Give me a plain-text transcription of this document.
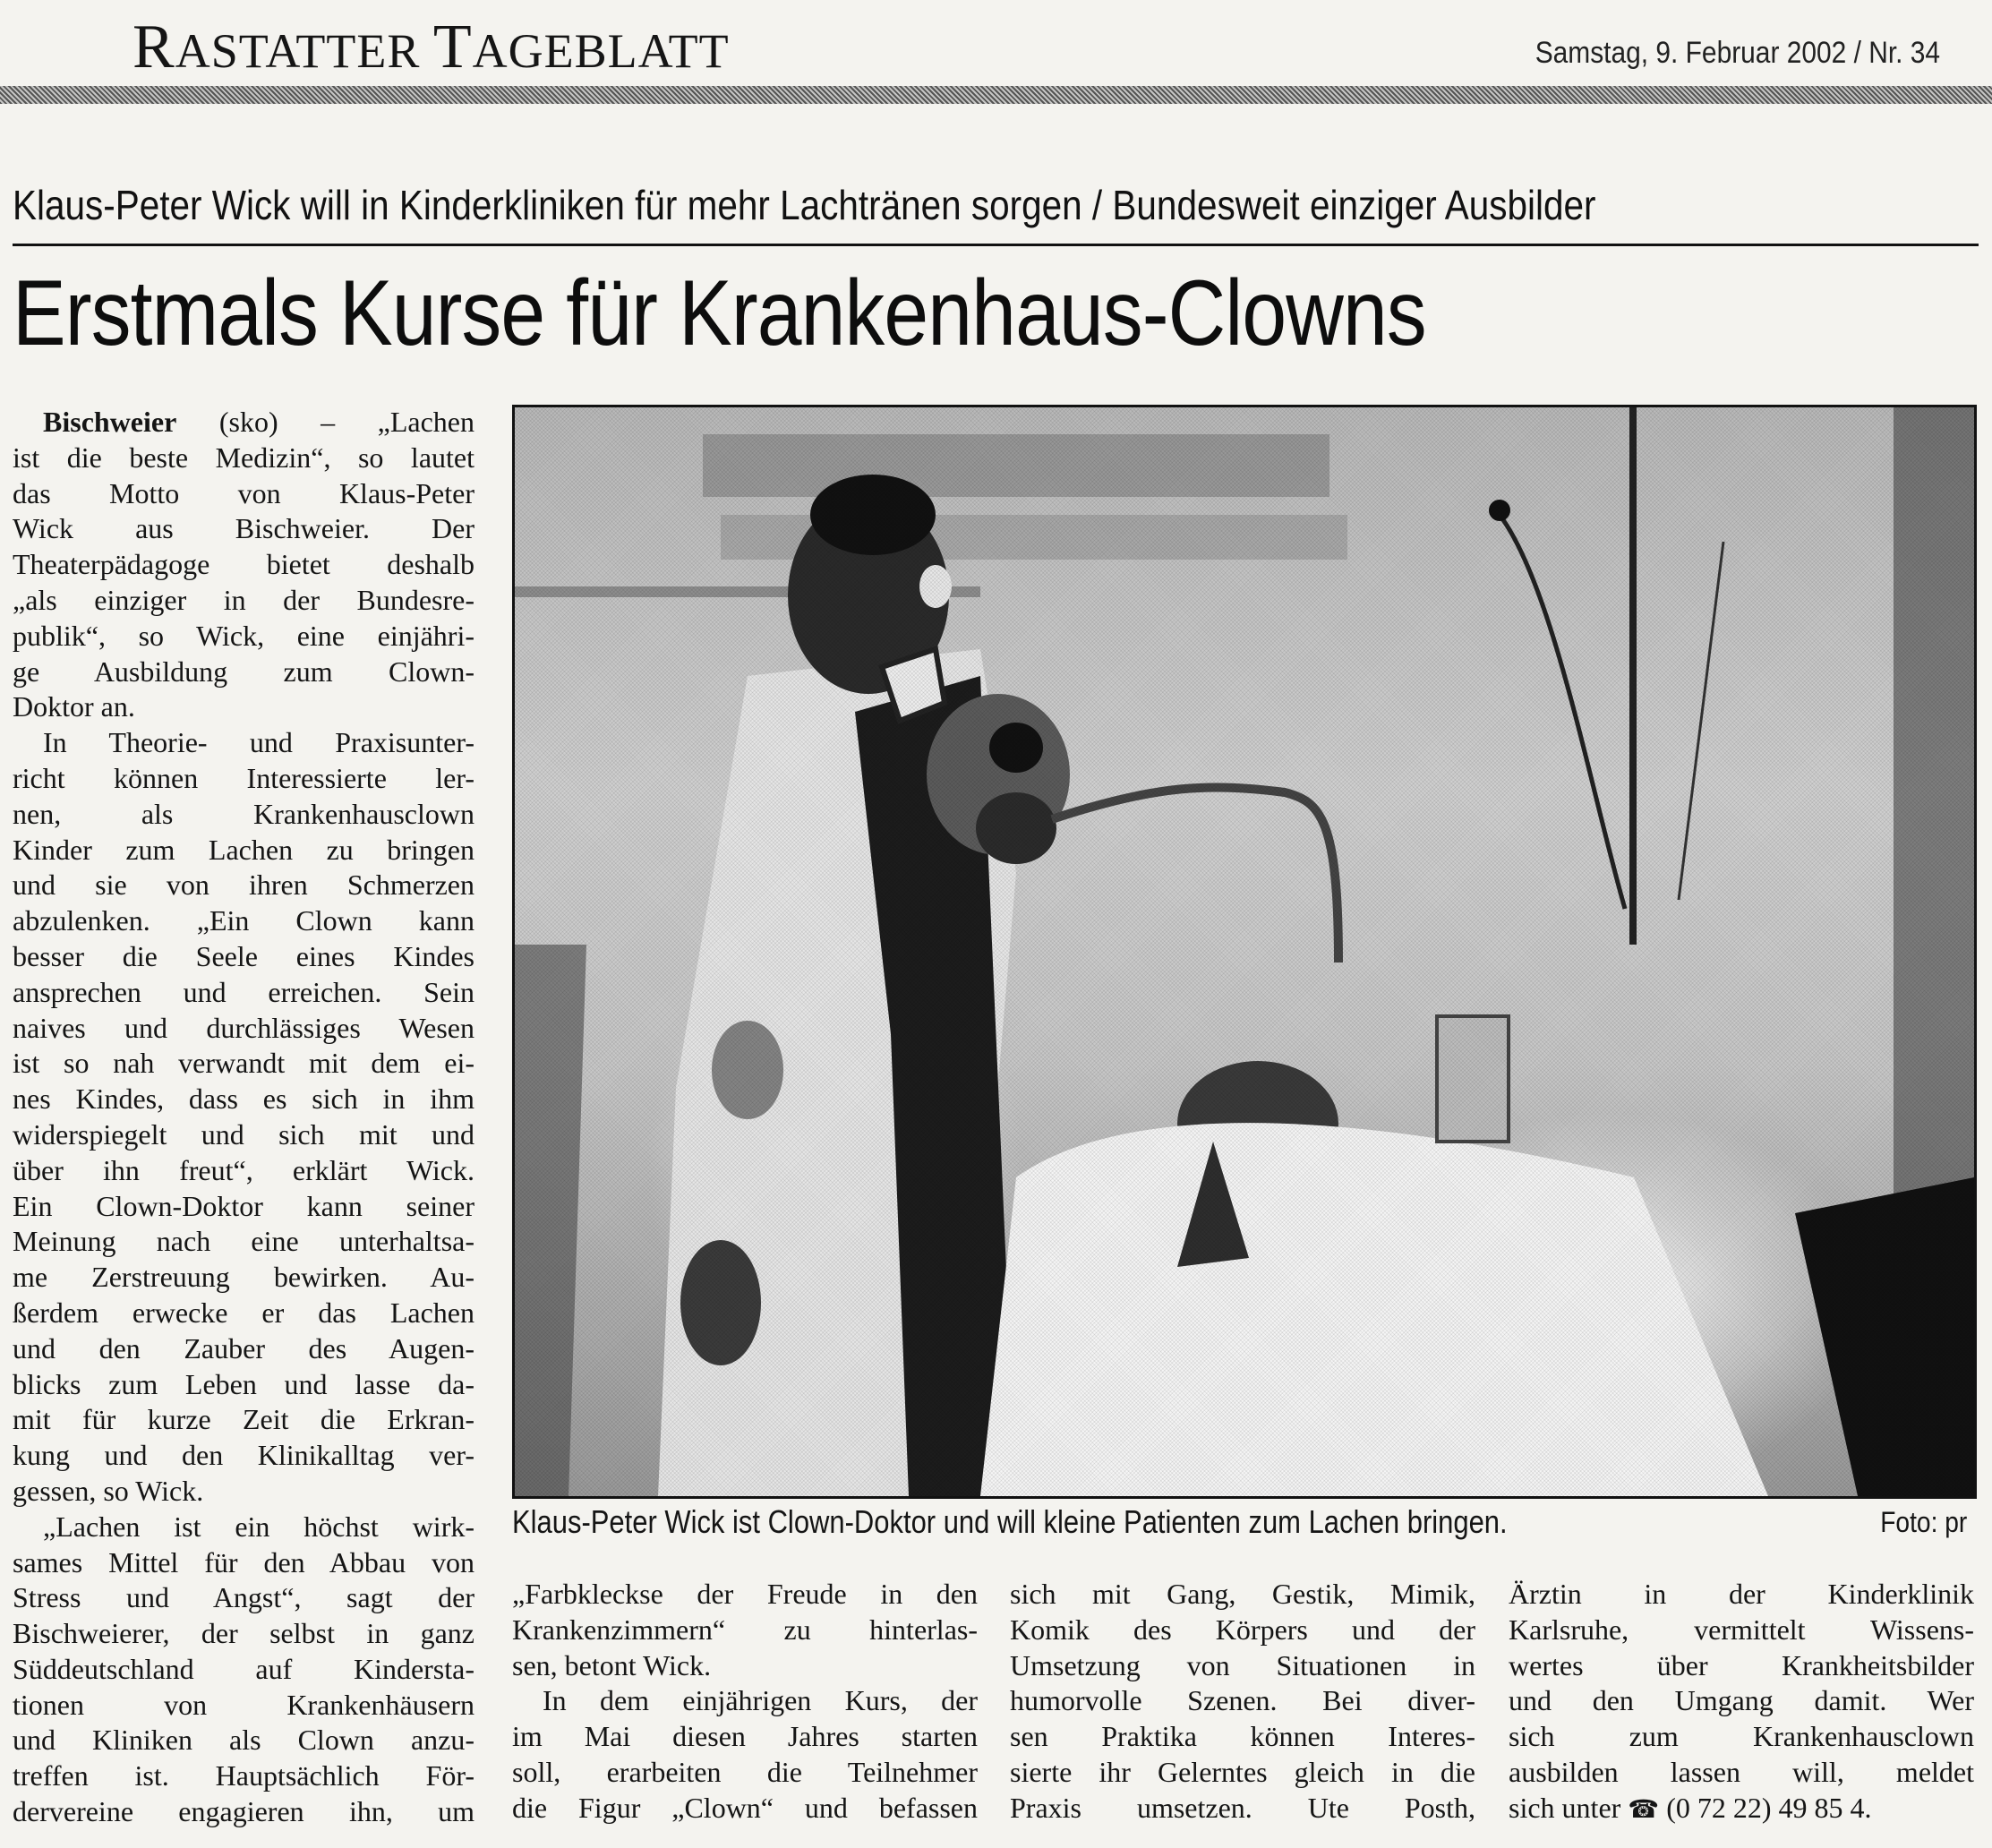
RASTATTER TAGEBLATT	Samstag, 9. Februar 2002 / Nr. 34
Klaus-Peter Wick will in Kinderkliniken für mehr Lachtränen sorgen / Bundesweit einziger Ausbilder
Erstmals Kurse für Krankenhaus-Clowns
Bischweier (sko) – „Lachen
ist die beste Medizin“, so lautet
das Motto von Klaus-Peter
Wick aus Bischweier. Der
Theaterpädagoge bietet deshalb
„als einziger in der Bundesre-
publik“, so Wick, eine einjähri-
ge Ausbildung zum Clown-
Doktor an.
In Theorie- und Praxisunter-
richt können Interessierte ler-
nen, als Krankenhausclown
Kinder zum Lachen zu bringen
und sie von ihren Schmerzen
abzulenken. „Ein Clown kann
besser die Seele eines Kindes
ansprechen und erreichen. Sein
naives und durchlässiges Wesen
ist so nah verwandt mit dem ei-
nes Kindes, dass es sich in ihm
widerspiegelt und sich mit und
über ihn freut“, erklärt Wick.
Ein Clown-Doktor kann seiner
Meinung nach eine unterhaltsa-
me Zerstreuung bewirken. Au-
ßerdem erwecke er das Lachen
und den Zauber des Augen-
blicks zum Leben und lasse da-
mit für kurze Zeit die Erkran-
kung und den Klinikalltag ver-
gessen, so Wick.
„Lachen ist ein höchst wirk-
sames Mittel für den Abbau von
Stress und Angst“, sagt der
Bischweierer, der selbst in ganz
Süddeutschland auf Kindersta-
tionen von Krankenhäusern
und Kliniken als Clown anzu-
treffen ist. Hauptsächlich För-
dervereine engagieren ihn, um
Klaus-Peter Wick ist Clown-Doktor und will kleine Patienten zum Lachen bringen.	Foto: pr
„Farbkleckse der Freude in den
Krankenzimmern“ zu hinterlas-
sen, betont Wick.
In dem einjährigen Kurs, der
im Mai diesen Jahres starten
soll, erarbeiten die Teilnehmer
die Figur „Clown“ und befassen
sich mit Gang, Gestik, Mimik,
Komik des Körpers und der
Umsetzung von Situationen in
humorvolle Szenen. Bei diver-
sen Praktika können Interes-
sierte ihr Gelerntes gleich in die
Praxis umsetzen. Ute Posth,
Ärztin in der Kinderklinik
Karlsruhe, vermittelt Wissens-
wertes über Krankheitsbilder
und den Umgang damit. Wer
sich zum Krankenhausclown
ausbilden lassen will, meldet
sich unter ☎ (0 72 22) 49 85 4.
